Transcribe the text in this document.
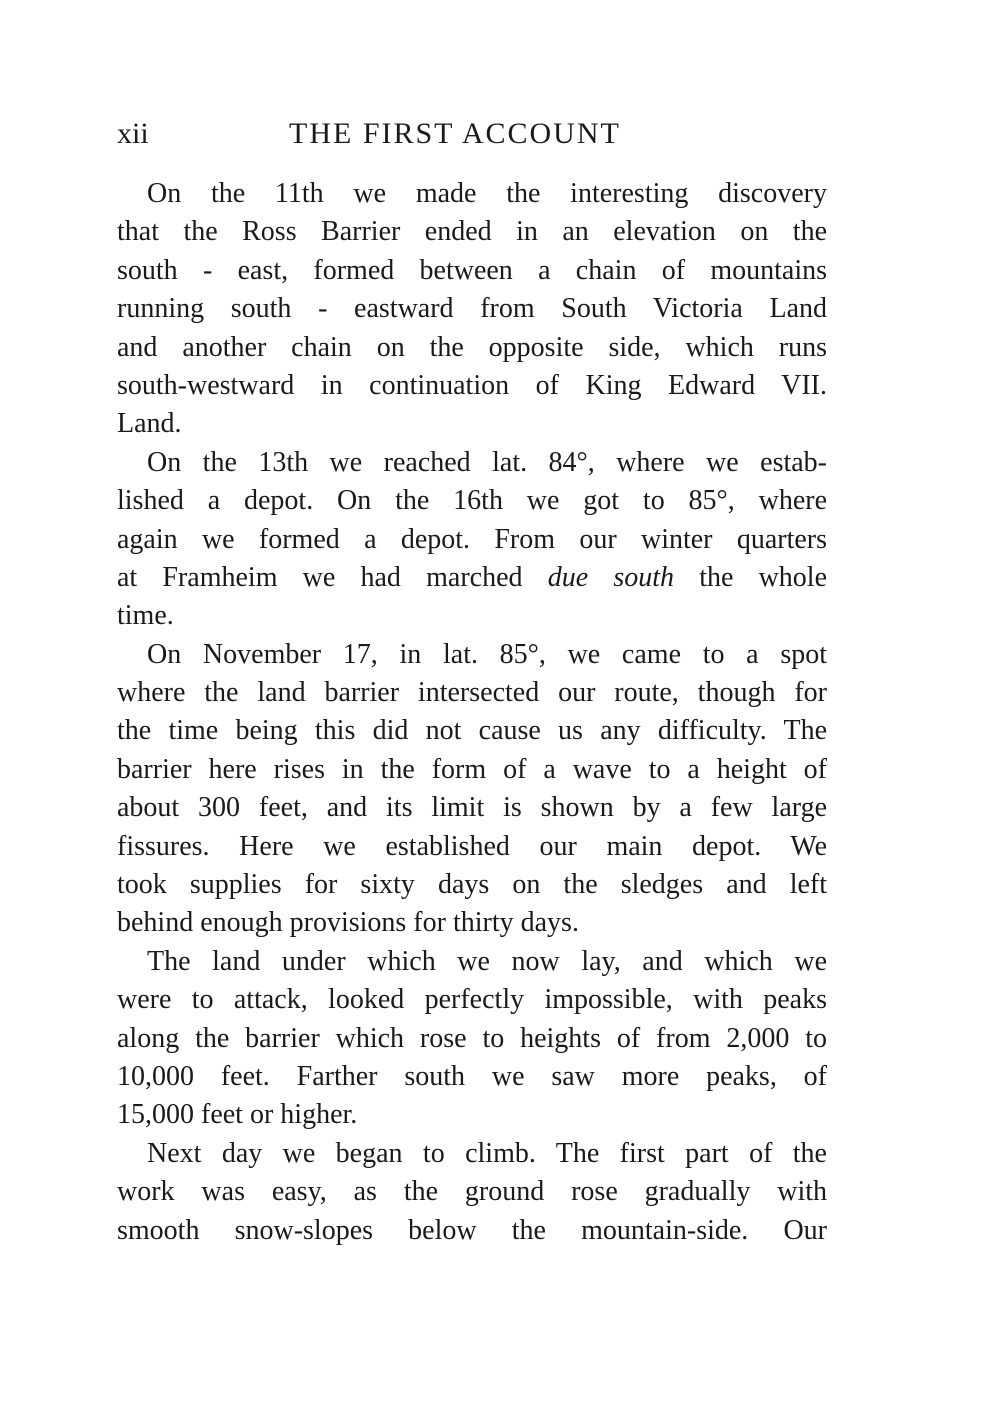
xii	THE FIRST ACCOUNT
On the 11th we made the interesting discovery
that the Ross Barrier ended in an elevation on the
south - east, formed between a chain of mountains
running south - eastward from South Victoria Land
and another chain on the opposite side, which runs
south-westward in continuation of King Edward VII.
Land.
On the 13th we reached lat. 84°, where we estab-
lished a depot. On the 16th we got to 85°, where
again we formed a depot. From our winter quarters
at Framheim we had marched due south the whole
time.
On November 17, in lat. 85°, we came to a spot
where the land barrier intersected our route, though for
the time being this did not cause us any difficulty. The
barrier here rises in the form of a wave to a height of
about 300 feet, and its limit is shown by a few large
fissures. Here we established our main depot. We
took supplies for sixty days on the sledges and left
behind enough provisions for thirty days.
The land under which we now lay, and which we
were to attack, looked perfectly impossible, with peaks
along the barrier which rose to heights of from 2,000 to
10,000 feet. Farther south we saw more peaks, of
15,000 feet or higher.
Next day we began to climb. The first part of the
work was easy, as the ground rose gradually with
smooth snow-slopes below the mountain-side. Our
